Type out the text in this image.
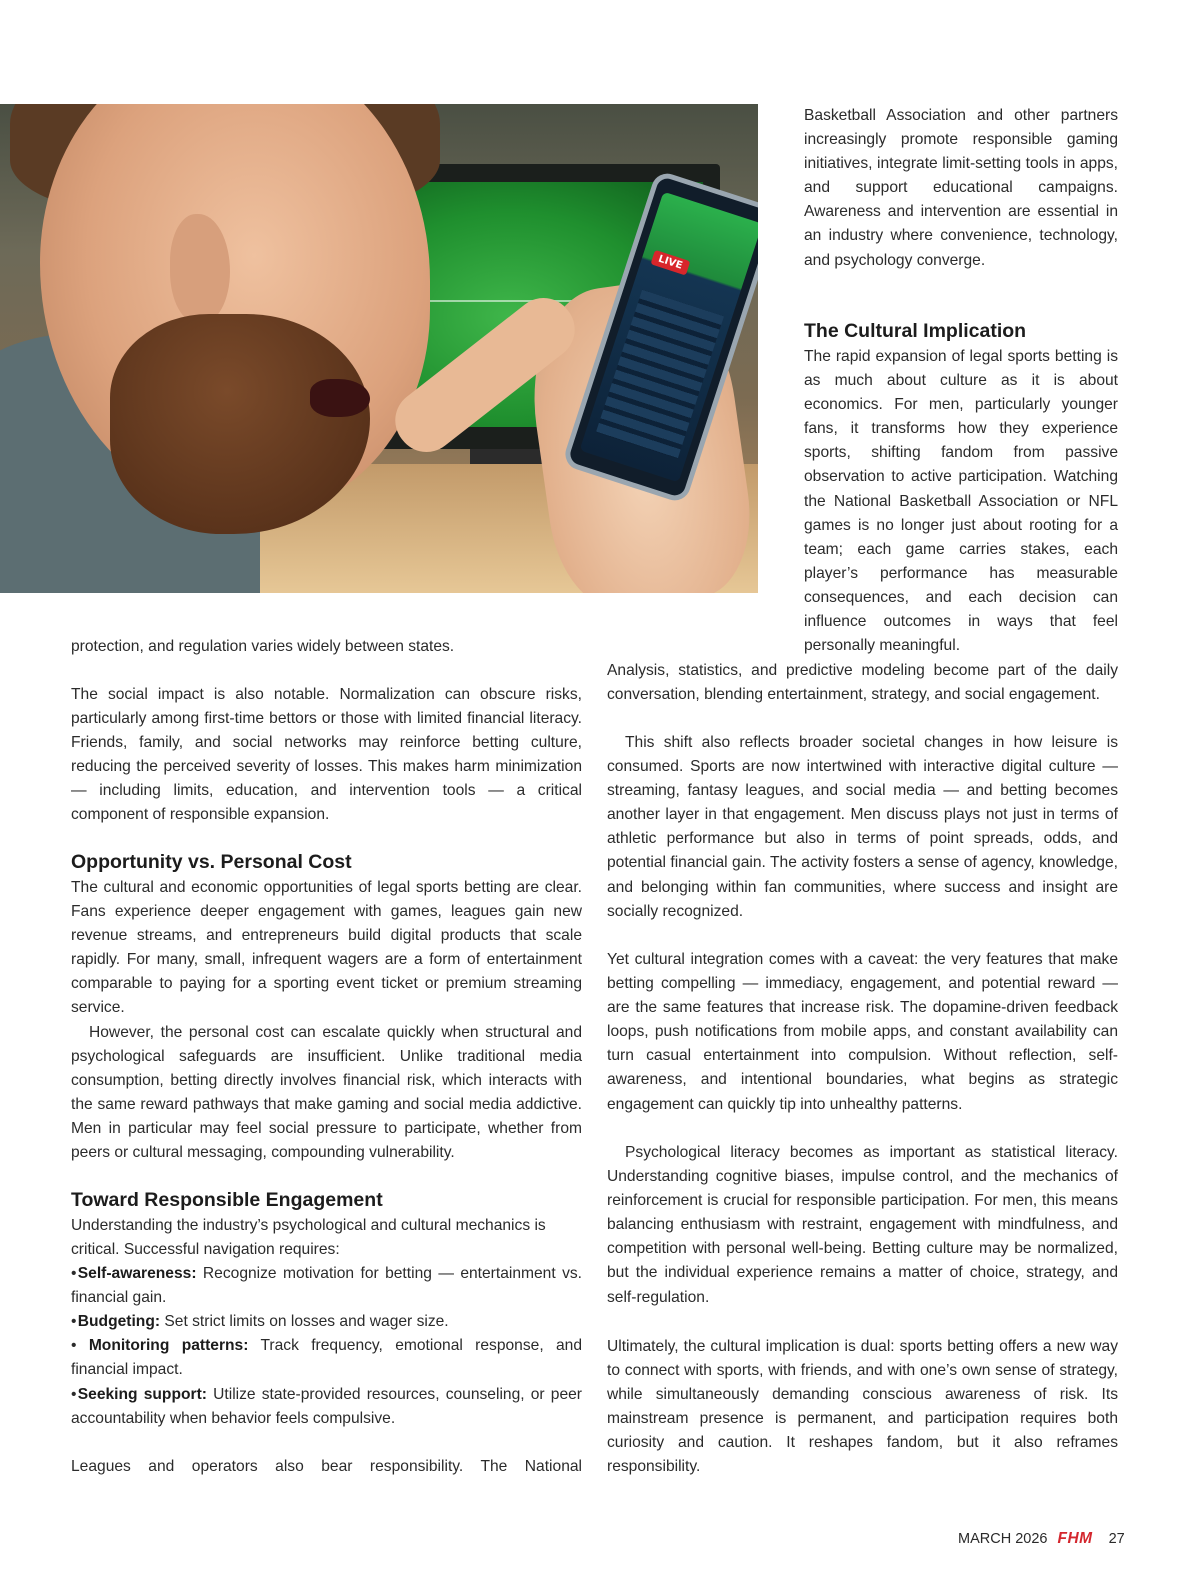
LIVE

Basketball Association and other partners increasingly promote responsible gaming initiatives, integrate limit-setting tools in apps, and support educational campaigns. Awareness and intervention are essential in an industry where convenience, technology, and psychology converge.

The Cultural Implication

The rapid expansion of legal sports betting is as much about culture as it is about economics. For men, particularly younger fans, it transforms how they experience sports, shifting fandom from passive observation to active participation. Watching the National Basketball Association or NFL games is no longer just about rooting for a team; each game carries stakes, each player’s performance has measurable consequences, and each decision can influence outcomes in ways that feel personally meaningful.

protection, and regulation varies widely between states.

The social impact is also notable. Normalization can obscure risks, particularly among first-time bettors or those with limited financial literacy. Friends, family, and social networks may reinforce betting culture, reducing the perceived severity of losses. This makes harm minimization — including limits, education, and intervention tools — a critical component of responsible expansion.

Opportunity vs. Personal Cost

The cultural and economic opportunities of legal sports betting are clear. Fans experience deeper engagement with games, leagues gain new revenue streams, and entrepreneurs build digital products that scale rapidly. For many, small, infrequent wagers are a form of entertainment comparable to paying for a sporting event ticket or premium streaming service.

However, the personal cost can escalate quickly when structural and psychological safeguards are insufficient. Unlike traditional media consumption, betting directly involves financial risk, which interacts with the same reward pathways that make gaming and social media addictive. Men in particular may feel social pressure to participate, whether from peers or cultural messaging, compounding vulnerability.

Toward Responsible Engagement

Understanding the industry’s psychological and cultural mechanics is critical. Successful navigation requires:

• Self-awareness: Recognize motivation for betting — entertainment vs. financial gain.

• Budgeting: Set strict limits on losses and wager size.

• Monitoring patterns: Track frequency, emotional response, and financial impact.

• Seeking support: Utilize state-provided resources, counseling, or peer accountability when behavior feels compulsive.

Leagues and operators also bear responsibility. The National

Analysis, statistics, and predictive modeling become part of the daily conversation, blending entertainment, strategy, and social engagement.

This shift also reflects broader societal changes in how leisure is consumed. Sports are now intertwined with interactive digital culture — streaming, fantasy leagues, and social media — and betting becomes another layer in that engagement. Men discuss plays not just in terms of athletic performance but also in terms of point spreads, odds, and potential financial gain. The activity fosters a sense of agency, knowledge, and belonging within fan communities, where success and insight are socially recognized.

Yet cultural integration comes with a caveat: the very features that make betting compelling — immediacy, engagement, and potential reward — are the same features that increase risk. The dopamine-driven feedback loops, push notifications from mobile apps, and constant availability can turn casual entertainment into compulsion. Without reflection, self-awareness, and intentional boundaries, what begins as strategic engagement can quickly tip into unhealthy patterns.

Psychological literacy becomes as important as statistical literacy. Understanding cognitive biases, impulse control, and the mechanics of reinforcement is crucial for responsible participation. For men, this means balancing enthusiasm with restraint, engagement with mindfulness, and competition with personal well-being. Betting culture may be normalized, but the individual experience remains a matter of choice, strategy, and self-regulation.

Ultimately, the cultural implication is dual: sports betting offers a new way to connect with sports, with friends, and with one’s own sense of strategy, while simultaneously demanding conscious awareness of risk. Its mainstream presence is permanent, and participation requires both curiosity and caution. It reshapes fandom, but it also reframes responsibility.

MARCH 2026 FHM 27
